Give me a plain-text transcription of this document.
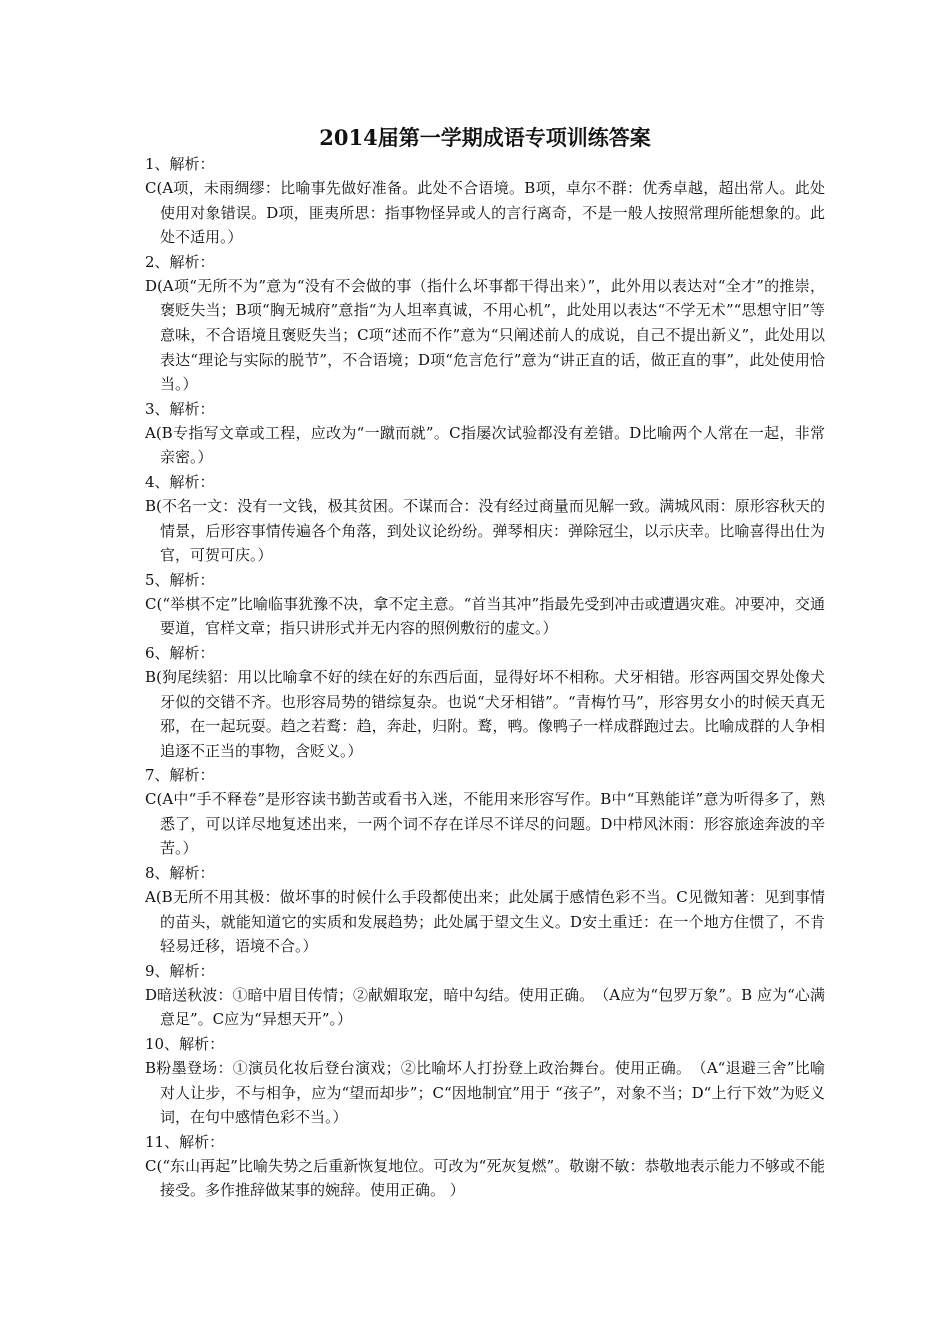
2014届第一学期成语专项训练答案
1、解析：
C(A项，未雨绸缪：比喻事先做好准备。此处不合语境。B项，卓尔不群：优秀卓越，超出常人。此处使用对象错误。D项，匪夷所思：指事物怪异或人的言行离奇，不是一般人按照常理所能想象的。此处不适用。）
2、解析：
D(A项“无所不为”意为“没有不会做的事（指什么坏事都干得出来）”，此外用以表达对“全才”的推崇，褒贬失当；B项“胸无城府”意指“为人坦率真诚，不用心机”，此处用以表达“不学无术”“思想守旧”等意味，不合语境且褒贬失当；C项“述而不作”意为“只阐述前人的成说，自己不提出新义”，此处用以表达“理论与实际的脱节”，不合语境；D项“危言危行”意为“讲正直的话，做正直的事”，此处使用恰当。）
3、解析：
A(B专指写文章或工程，应改为“一蹴而就”。C指屡次试验都没有差错。D比喻两个人常在一起，非常亲密。）
4、解析：
B(不名一文：没有一文钱，极其贫困。不谋而合：没有经过商量而见解一致。满城风雨：原形容秋天的情景，后形容事情传遍各个角落，到处议论纷纷。弹琴相庆：弹除冠尘，以示庆幸。比喻喜得出仕为官，可贺可庆。）
5、解析：
C(“举棋不定”比喻临事犹豫不决，拿不定主意。“首当其冲”指最先受到冲击或遭遇灾难。冲要冲，交通要道，官样文章；指只讲形式并无内容的照例敷衍的虚文。）
6、解析：
B(狗尾续貂：用以比喻拿不好的续在好的东西后面，显得好坏不相称。犬牙相错。形容两国交界处像犬牙似的交错不齐。也形容局势的错综复杂。也说“犬牙相错”。“青梅竹马”，形容男女小的时候天真无邪，在一起玩耍。趋之若鹜：趋，奔赴，归附。鹜，鸭。像鸭子一样成群跑过去。比喻成群的人争相追逐不正当的事物，含贬义。）
7、解析：
C(A中“手不释卷”是形容读书勤苦或看书入迷，不能用来形容写作。B中“耳熟能详”意为听得多了，熟悉了，可以详尽地复述出来，一两个词不存在详尽不详尽的问题。D中栉风沐雨：形容旅途奔波的辛苦。）
8、解析：
A(B无所不用其极：做坏事的时候什么手段都使出来；此处属于感情色彩不当。C见微知著：见到事情的苗头，就能知道它的实质和发展趋势；此处属于望文生义。D安土重迁：在一个地方住惯了，不肯轻易迁移，语境不合。）
9、解析：
D暗送秋波：①暗中眉目传情；②献媚取宠，暗中勾结。使用正确。　（A应为“包罗万象”。B 应为“心满意足”。C应为“异想天开”。）
10、解析：
B粉墨登场：①演员化妆后登台演戏；②比喻坏人打扮登上政治舞台。使用正确。　（A“退避三舍”比喻对人让步，不与相争，应为“望而却步”；C“因地制宜”用于 “孩子”，对象不当；D“上行下效”为贬义词，在句中感情色彩不当。）
11、解析：
C(“东山再起”比喻失势之后重新恢复地位。可改为“死灰复燃”。敬谢不敏：恭敬地表示能力不够或不能接受。多作推辞做某事的婉辞。使用正确。 ）
